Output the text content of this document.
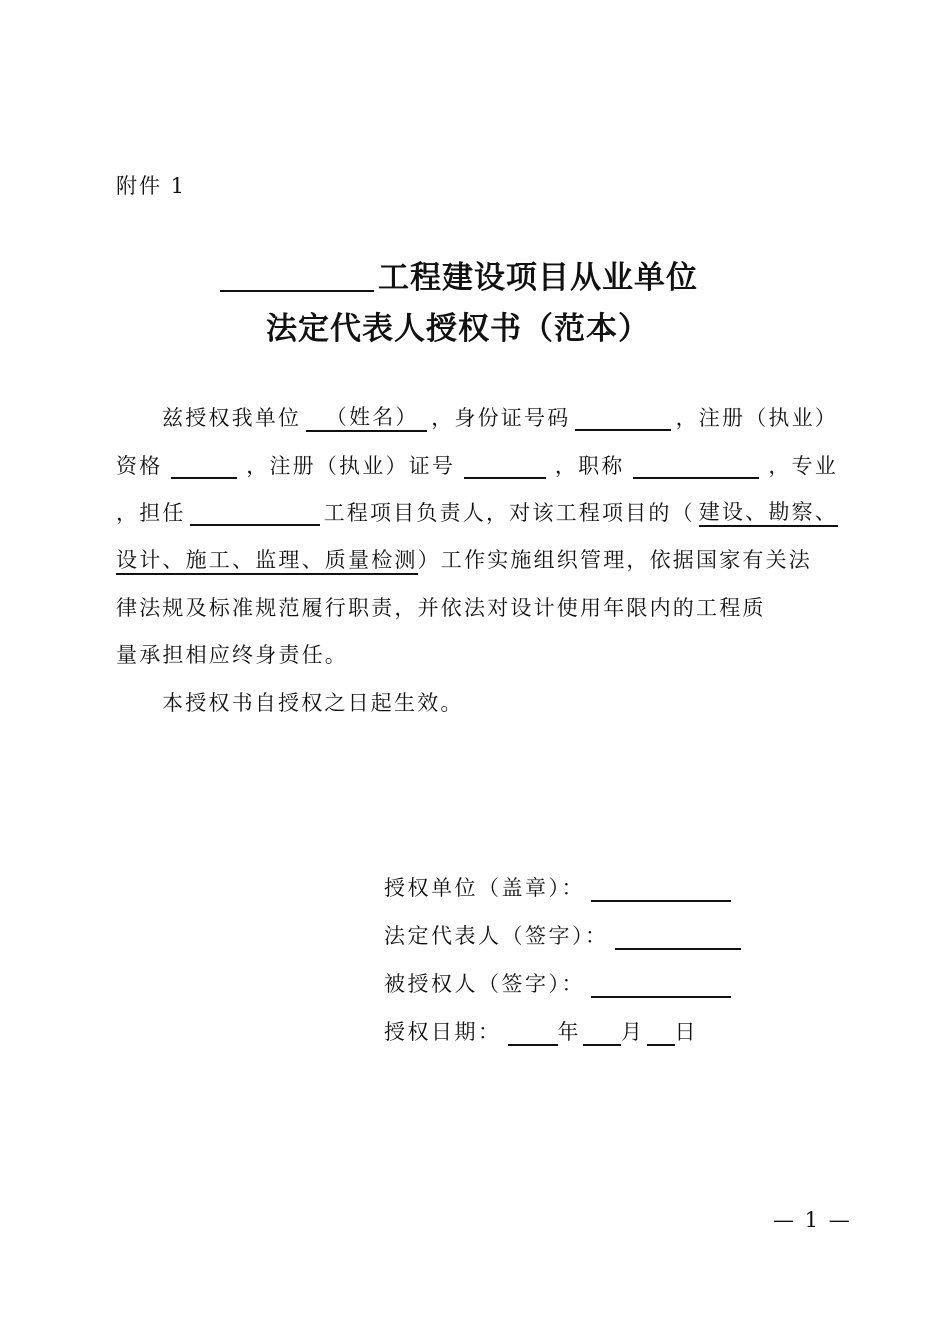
附件 1
工程建设项目从业单位
法定代表人授权书（范本）
兹授权我单位	（姓名） ，身份证号码	，注册（执业）
资格	，注册（执业）证号	，职称	，专业
，担任	工程项目负责人，对该工程项目的（ 建设、勘察、
设计、施工、监理、质量检测）工作实施组织管理，依据国家有关法
律法规及标准规范履行职责，并依法对设计使用年限内的工程质
量承担相应终身责任。
本授权书自授权之日起生效。
授权单位（盖章）：
法定代表人（签字）：
被授权人（签字）：
授权日期：	年 月 日
— 1 —
